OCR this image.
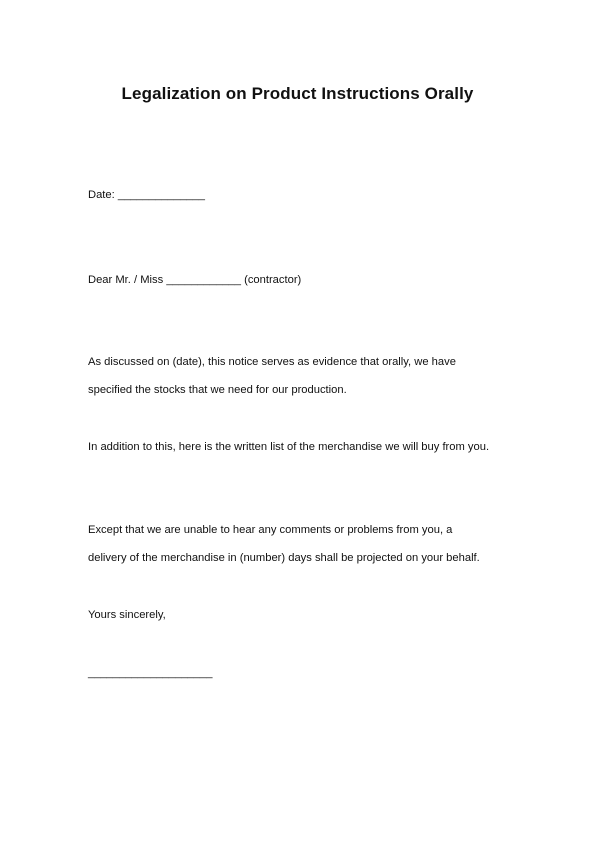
Legalization on Product Instructions Orally
Date: ______________
Dear Mr. / Miss ____________ (contractor)
As discussed on (date), this notice serves as evidence that orally, we have
specified the stocks that we need for our production.
In addition to this, here is the written list of the merchandise we will buy from you.
Except that we are unable to hear any comments or problems from you, a
delivery of the merchandise in (number) days shall be projected on your behalf.
Yours sincerely,
____________________
